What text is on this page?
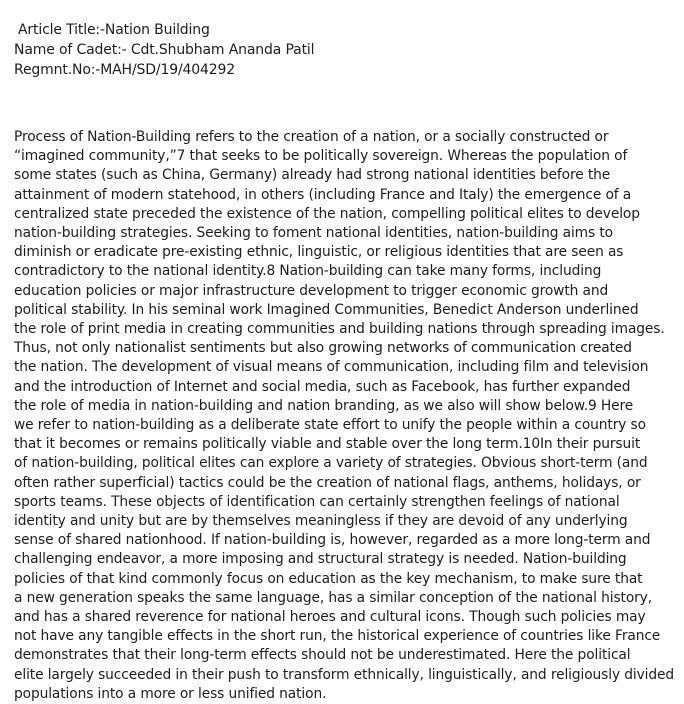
Article Title:-Nation Building
Name of Cadet:- Cdt.Shubham Ananda Patil
Regmnt.No:-MAH/SD/19/404292
Process of Nation-Building refers to the creation of a nation, or a socially constructed or
“imagined community,”7 that seeks to be politically sovereign. Whereas the population of
some states (such as China, Germany) already had strong national identities before the
attainment of modern statehood, in others (including France and Italy) the emergence of a
centralized state preceded the existence of the nation, compelling political elites to develop
nation-building strategies. Seeking to foment national identities, nation-building aims to
diminish or eradicate pre-existing ethnic, linguistic, or religious identities that are seen as
contradictory to the national identity.8 Nation-building can take many forms, including
education policies or major infrastructure development to trigger economic growth and
political stability. In his seminal work Imagined Communities, Benedict Anderson underlined
the role of print media in creating communities and building nations through spreading images.
Thus, not only nationalist sentiments but also growing networks of communication created
the nation. The development of visual means of communication, including film and television
and the introduction of Internet and social media, such as Facebook, has further expanded
the role of media in nation-building and nation branding, as we also will show below.9 Here
we refer to nation-building as a deliberate state effort to unify the people within a country so
that it becomes or remains politically viable and stable over the long term.10In their pursuit
of nation-building, political elites can explore a variety of strategies. Obvious short-term (and
often rather superficial) tactics could be the creation of national flags, anthems, holidays, or
sports teams. These objects of identification can certainly strengthen feelings of national
identity and unity but are by themselves meaningless if they are devoid of any underlying
sense of shared nationhood. If nation-building is, however, regarded as a more long-term and
challenging endeavor, a more imposing and structural strategy is needed. Nation-building
policies of that kind commonly focus on education as the key mechanism, to make sure that
a new generation speaks the same language, has a similar conception of the national history,
and has a shared reverence for national heroes and cultural icons. Though such policies may
not have any tangible effects in the short run, the historical experience of countries like France
demonstrates that their long-term effects should not be underestimated. Here the political
elite largely succeeded in their push to transform ethnically, linguistically, and religiously divided
populations into a more or less unified nation.
